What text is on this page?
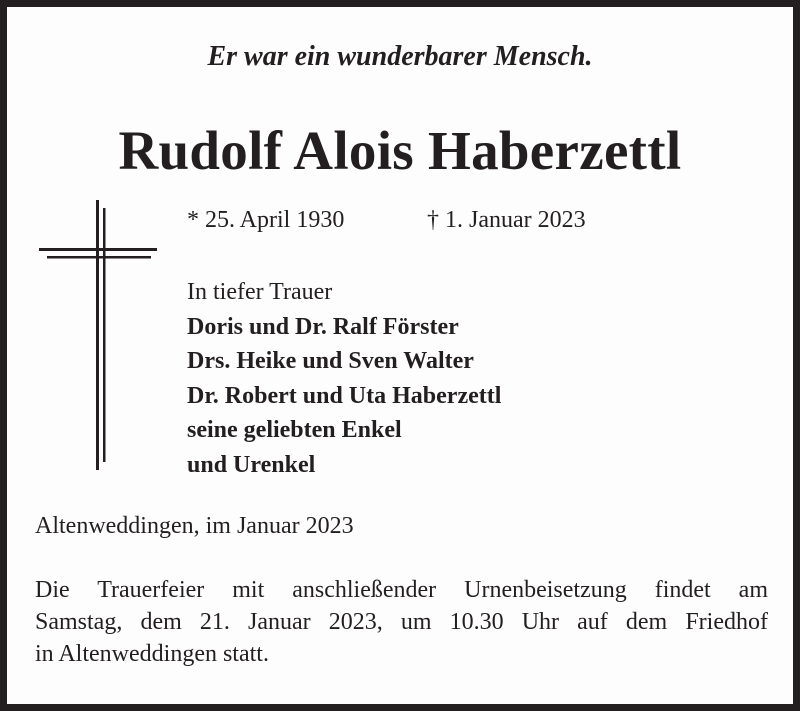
Er war ein wunderbarer Mensch.
Rudolf Alois Haberzettl
* 25. April 1930	† 1. Januar 2023
In tiefer Trauer
Doris und Dr. Ralf Förster
Drs. Heike und Sven Walter
Dr. Robert und Uta Haberzettl
seine geliebten Enkel
und Urenkel
Altenweddingen, im Januar 2023
Die Trauerfeier mit anschließender Urnenbeisetzung findet am
Samstag, dem 21. Januar 2023, um 10.30 Uhr auf dem Friedhof
in Altenweddingen statt.
